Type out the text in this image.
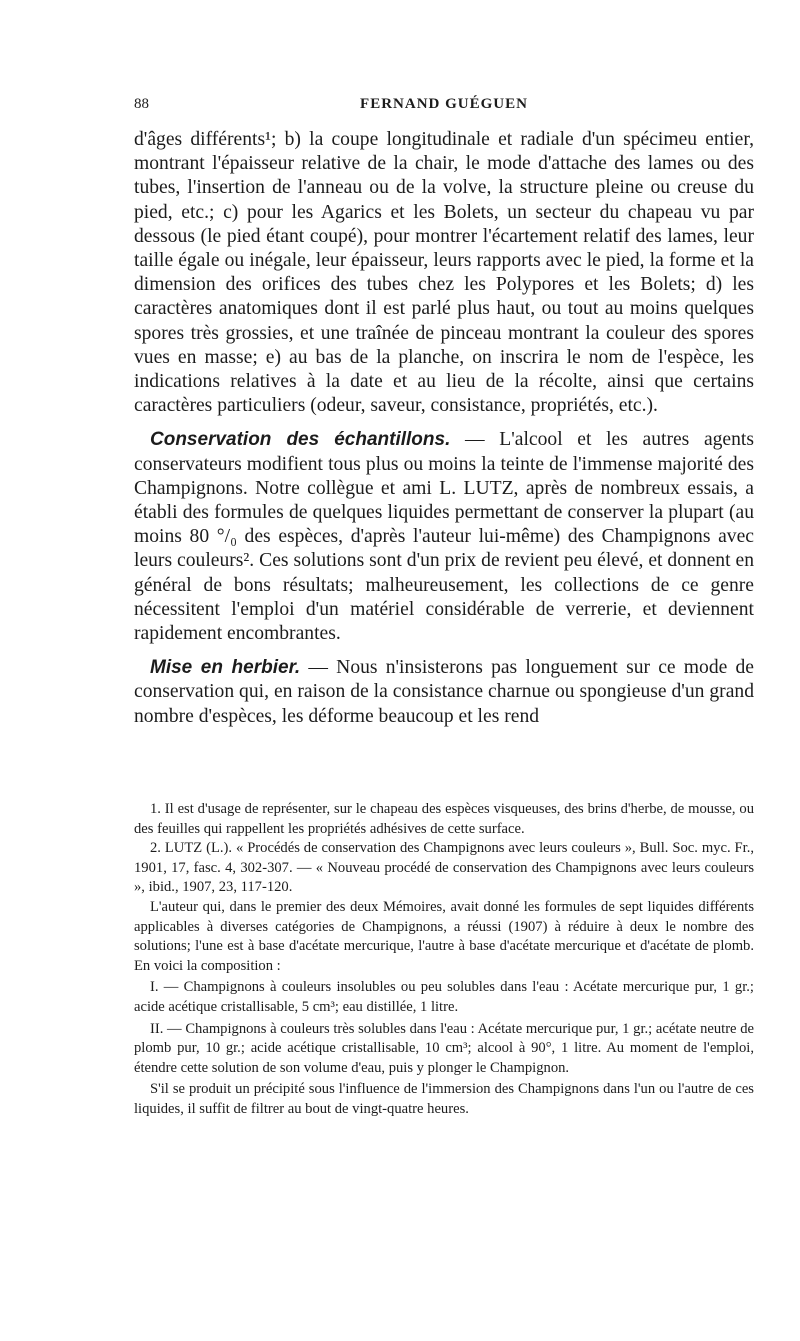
88	FERNAND GUÉGUEN

d'âges différents¹; b) la coupe longitudinale et radiale d'un spécimeu entier, montrant l'épaisseur relative de la chair, le mode d'attache des lames ou des tubes, l'insertion de l'anneau ou de la volve, la structure pleine ou creuse du pied, etc.; c) pour les Agarics et les Bolets, un secteur du chapeau vu par dessous (le pied étant coupé), pour montrer l'écartement relatif des lames, leur taille égale ou inégale, leur épaisseur, leurs rapports avec le pied, la forme et la dimension des orifices des tubes chez les Polypores et les Bolets; d) les caractères anatomiques dont il est parlé plus haut, ou tout au moins quelques spores très grossies, et une traînée de pinceau montrant la couleur des spores vues en masse; e) au bas de la planche, on inscrira le nom de l'espèce, les indications relatives à la date et au lieu de la récolte, ainsi que certains caractères particuliers (odeur, saveur, consistance, propriétés, etc.).

Conservation des échantillons. — L'alcool et les autres agents conservateurs modifient tous plus ou moins la teinte de l'immense majorité des Champignons. Notre collègue et ami L. LUTZ, après de nombreux essais, a établi des formules de quelques liquides permettant de conserver la plupart (au moins 80 °/₀ des espèces, d'après l'auteur lui-même) des Champignons avec leurs couleurs². Ces solutions sont d'un prix de revient peu élevé, et donnent en général de bons résultats; malheureusement, les collections de ce genre nécessitent l'emploi d'un matériel considérable de verrerie, et deviennent rapidement encombrantes.

Mise en herbier. — Nous n'insisterons pas longuement sur ce mode de conservation qui, en raison de la consistance charnue ou spongieuse d'un grand nombre d'espèces, les déforme beaucoup et les rend

1. Il est d'usage de représenter, sur le chapeau des espèces visqueuses, des brins d'herbe, de mousse, ou des feuilles qui rappellent les propriétés adhésives de cette surface.

2. LUTZ (L.). « Procédés de conservation des Champignons avec leurs couleurs », Bull. Soc. myc. Fr., 1901, 17, fasc. 4, 302-307. — « Nouveau procédé de conservation des Champignons avec leurs couleurs », ibid., 1907, 23, 117-120.

L'auteur qui, dans le premier des deux Mémoires, avait donné les formules de sept liquides différents applicables à diverses catégories de Champignons, a réussi (1907) à réduire à deux le nombre des solutions; l'une est à base d'acétate mercurique, l'autre à base d'acétate mercurique et d'acétate de plomb. En voici la composition :

I. — Champignons à couleurs insolubles ou peu solubles dans l'eau : Acétate mercurique pur, 1 gr.; acide acétique cristallisable, 5 cm³; eau distillée, 1 litre.

II. — Champignons à couleurs très solubles dans l'eau : Acétate mercurique pur, 1 gr.; acétate neutre de plomb pur, 10 gr.; acide acétique cristallisable, 10 cm³; alcool à 90°, 1 litre. Au moment de l'emploi, étendre cette solution de son volume d'eau, puis y plonger le Champignon.

S'il se produit un précipité sous l'influence de l'immersion des Champignons dans l'un ou l'autre de ces liquides, il suffit de filtrer au bout de vingt-quatre heures.
